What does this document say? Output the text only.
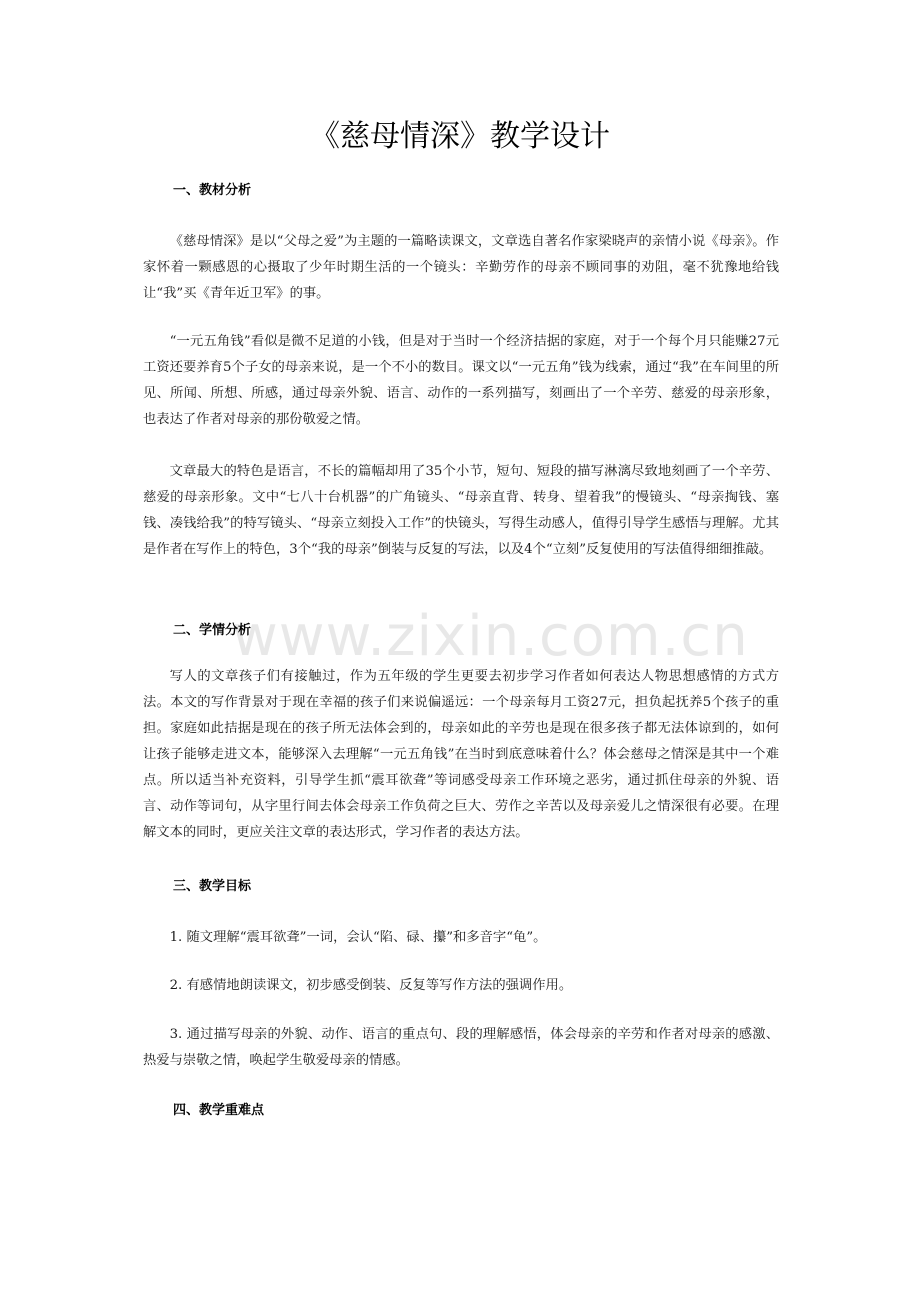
www.zixin.com.cn
《慈母情深》教学设计
一、教材分析
《慈母情深》是以“父母之爱”为主题的一篇略读课文，文章选自著名作家梁晓声的亲情小说《母亲》。作家怀着一颗感恩的心摄取了少年时期生活的一个镜头：辛勤劳作的母亲不顾同事的劝阻，毫不犹豫地给钱让“我”买《青年近卫军》的事。
“一元五角钱”看似是微不足道的小钱，但是对于当时一个经济拮据的家庭，对于一个每个月只能赚27元工资还要养育5个子女的母亲来说，是一个不小的数目。课文以“一元五角”钱为线索，通过“我”在车间里的所见、所闻、所想、所感，通过母亲外貌、语言、动作的一系列描写，刻画出了一个辛劳、慈爱的母亲形象，也表达了作者对母亲的那份敬爱之情。
文章最大的特色是语言，不长的篇幅却用了35个小节，短句、短段的描写淋漓尽致地刻画了一个辛劳、慈爱的母亲形象。文中“七八十台机器”的广角镜头、“母亲直背、转身、望着我”的慢镜头、“母亲掏钱、塞钱、凑钱给我”的特写镜头、“母亲立刻投入工作”的快镜头，写得生动感人，值得引导学生感悟与理解。尤其是作者在写作上的特色，3个“我的母亲”倒装与反复的写法，以及4个“立刻”反复使用的写法值得细细推敲。
二、学情分析
写人的文章孩子们有接触过，作为五年级的学生更要去初步学习作者如何表达人物思想感情的方式方法。本文的写作背景对于现在幸福的孩子们来说偏遥远：一个母亲每月工资27元，担负起抚养5个孩子的重担。家庭如此拮据是现在的孩子所无法体会到的，母亲如此的辛劳也是现在很多孩子都无法体谅到的，如何让孩子能够走进文本，能够深入去理解“一元五角钱”在当时到底意味着什么？体会慈母之情深是其中一个难点。所以适当补充资料，引导学生抓“震耳欲聋”等词感受母亲工作环境之恶劣，通过抓住母亲的外貌、语言、动作等词句，从字里行间去体会母亲工作负荷之巨大、劳作之辛苦以及母亲爱儿之情深很有必要。在理解文本的同时，更应关注文章的表达形式，学习作者的表达方法。
三、教学目标
1. 随文理解“震耳欲聋”一词，会认“陷、碌、攥”和多音字“龟”。
2. 有感情地朗读课文，初步感受倒装、反复等写作方法的强调作用。
3. 通过描写母亲的外貌、动作、语言的重点句、段的理解感悟，体会母亲的辛劳和作者对母亲的感激、热爱与崇敬之情，唤起学生敬爱母亲的情感。
四、教学重难点
